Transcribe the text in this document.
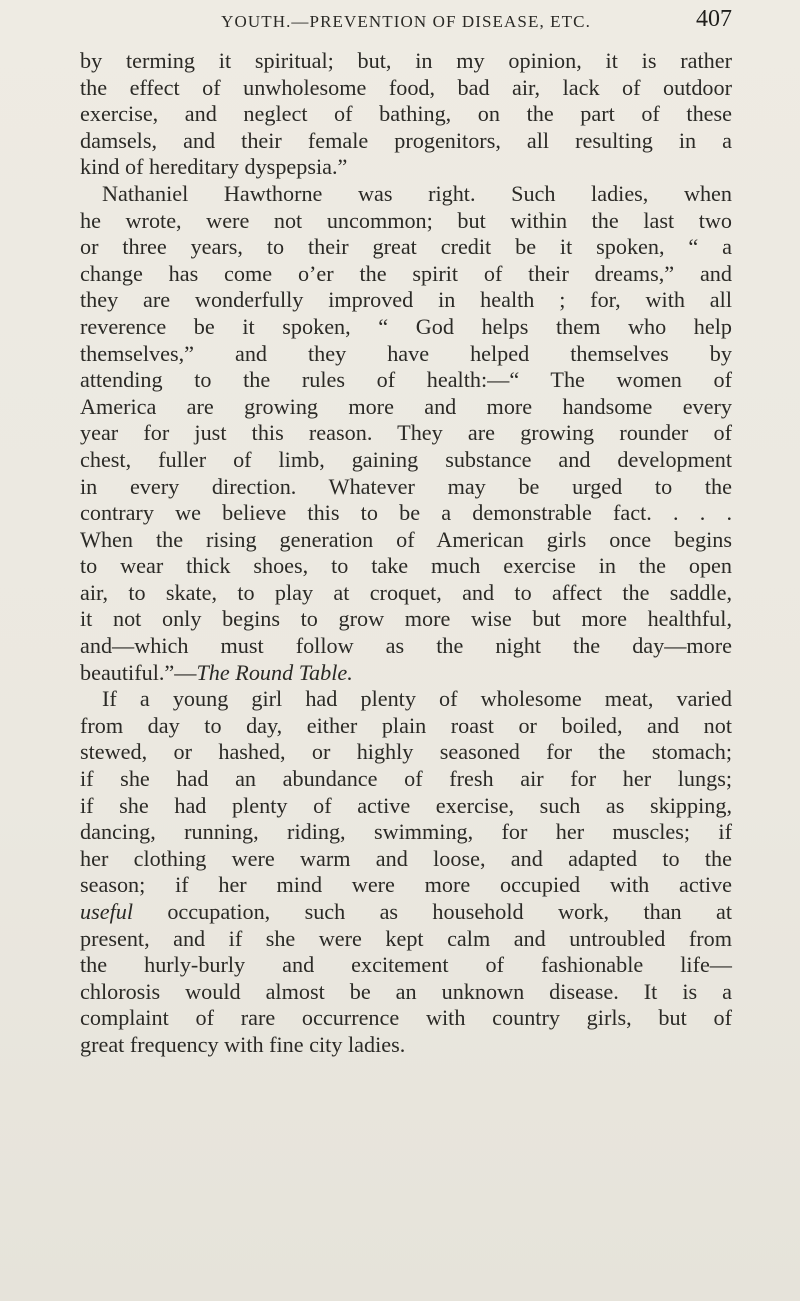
YOUTH.—PREVENTION OF DISEASE, ETC.	407
by terming it spiritual; but, in my opinion, it is rather
the effect of unwholesome food, bad air, lack of outdoor
exercise, and neglect of bathing, on the part of these
damsels, and their female progenitors, all resulting in a
kind of hereditary dyspepsia.”
Nathaniel Hawthorne was right. Such ladies, when
he wrote, were not uncommon; but within the last two
or three years, to their great credit be it spoken, “ a
change has come o’er the spirit of their dreams,” and
they are wonderfully improved in health ; for, with all
reverence be it spoken, “ God helps them who help
themselves,” and they have helped themselves by
attending to the rules of health:—“ The women of
America are growing more and more handsome every
year for just this reason. They are growing rounder of
chest, fuller of limb, gaining substance and development
in every direction. Whatever may be urged to the
contrary we believe this to be a demonstrable fact. . . .
When the rising generation of American girls once begins
to wear thick shoes, to take much exercise in the open
air, to skate, to play at croquet, and to affect the saddle,
it not only begins to grow more wise but more healthful,
and—which must follow as the night the day—more
beautiful.”—The Round Table.
If a young girl had plenty of wholesome meat, varied
from day to day, either plain roast or boiled, and not
stewed, or hashed, or highly seasoned for the stomach;
if she had an abundance of fresh air for her lungs;
if she had plenty of active exercise, such as skipping,
dancing, running, riding, swimming, for her muscles; if
her clothing were warm and loose, and adapted to the
season; if her mind were more occupied with active
useful occupation, such as household work, than at
present, and if she were kept calm and untroubled from
the hurly-burly and excitement of fashionable life—
chlorosis would almost be an unknown disease. It is a
complaint of rare occurrence with country girls, but of
great frequency with fine city ladies.
